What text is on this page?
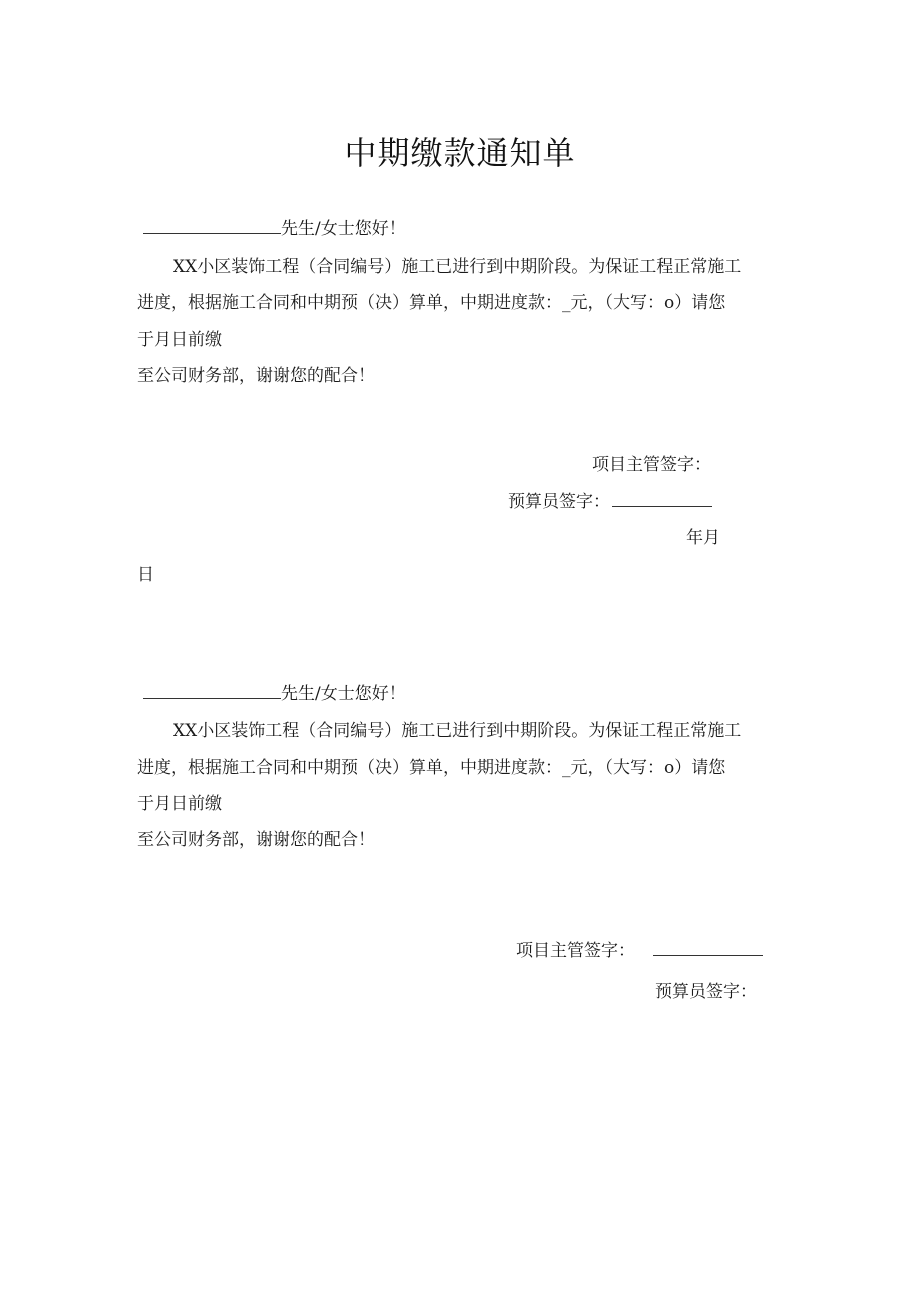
中期缴款通知单
先生/女士您好！
XX小区装饰工程（合同编号）施工已进行到中期阶段。为保证工程正常施工
进度，根据施工合同和中期预（决）算单，中期进度款：_元，（大写：o）请您
于月日前缴
至公司财务部，谢谢您的配合！
项目主管签字：
预算员签字：
年月
日
先生/女士您好！
XX小区装饰工程（合同编号）施工已进行到中期阶段。为保证工程正常施工
进度，根据施工合同和中期预（决）算单，中期进度款：_元，（大写：o）请您
于月日前缴
至公司财务部，谢谢您的配合！
项目主管签字：
预算员签字：
